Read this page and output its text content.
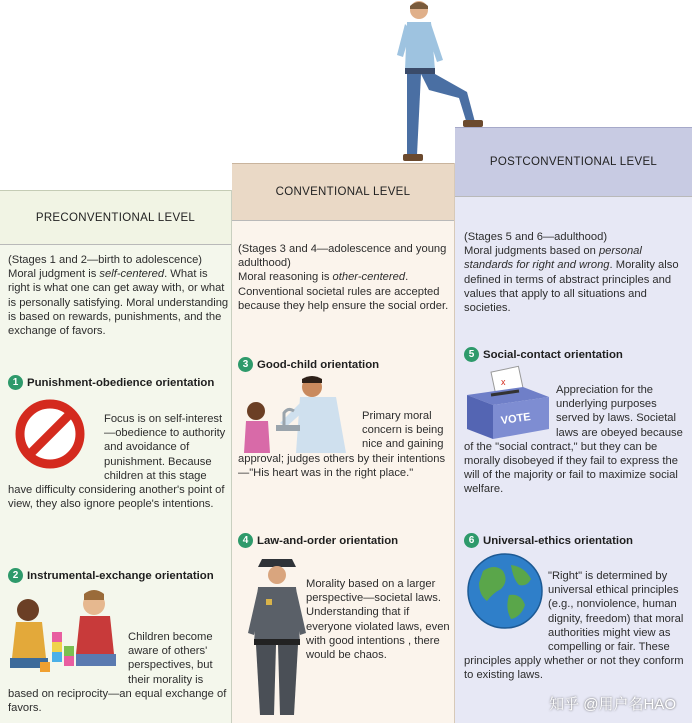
PRECONVENTIONAL LEVEL
(Stages 1 and 2—birth to adolescence)
Moral judgment is self-centered. What is right is what one can get away with, or what is personally satisfying. Moral understanding is based on rewards, punishments, and the exchange of favors.
1 Punishment-obedience orientation
Focus is on self-interest—obedience to authority and avoidance of punishment. Because children at this stage have difficulty considering another's point of view, they also ignore people's intentions.
2 Instrumental-exchange orientation
Children become aware of others' perspectives, but their morality is based on reciprocity—an equal exchange of favors.
CONVENTIONAL LEVEL
(Stages 3 and 4—adolescence and young adulthood)
Moral reasoning is other-centered. Conventional societal rules are accepted because they help ensure the social order.
3 Good-child orientation
Primary moral concern is being nice and gaining approval; judges others by their intentions—"His heart was in the right place."
4 Law-and-order orientation
Morality based on a larger perspective—societal laws. Understanding that if everyone violated laws, even with good intentions , there would be chaos.
POSTCONVENTIONAL LEVEL
(Stages 5 and 6—adulthood)
Moral judgments based on personal standards for right and wrong. Morality also defined in terms of abstract principles and values that apply to all situations and societies.
5 Social-contact orientation
x
VOTE
Appreciation for the underlying purposes served by laws. Societal laws are obeyed because of the "social contract," but they can be morally disobeyed if they fail to express the will of the majority or fail to maximize social welfare.
6 Universal-ethics orientation
"Right" is determined by universal ethical principles (e.g., nonviolence, human dignity, freedom) that moral authorities might view as compelling or fair. These principles apply whether or not they conform to existing laws.
知乎 @用户名HAO
